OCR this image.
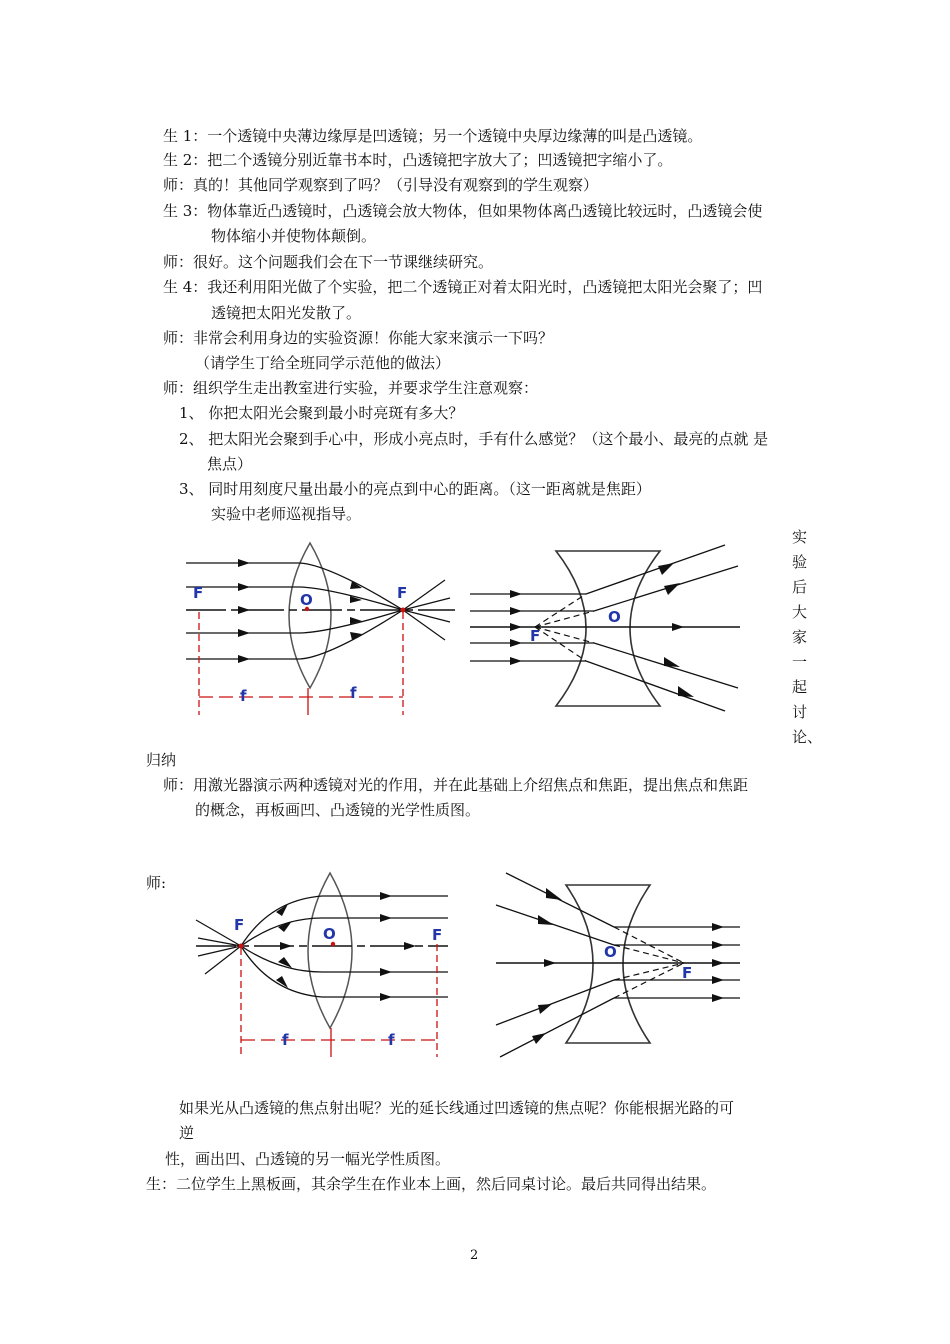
生 1：一个透镜中央薄边缘厚是凹透镜；另一个透镜中央厚边缘薄的叫是凸透镜。
生 2：把二个透镜分别近靠书本时，凸透镜把字放大了；凹透镜把字缩小了。
师：真的！其他同学观察到了吗？（引导没有观察到的学生观察）
生 3：物体靠近凸透镜时，凸透镜会放大物体，但如果物体离凸透镜比较远时，凸透镜会使
物体缩小并使物体颠倒。
师：很好。这个问题我们会在下一节课继续研究。
生 4：我还利用阳光做了个实验，把二个透镜正对着太阳光时，凸透镜把太阳光会聚了；凹
透镜把太阳光发散了。
师：非常会利用身边的实验资源！你能大家来演示一下吗？
（请学生丁给全班同学示范他的做法）
师：组织学生走出教室进行实验，并要求学生注意观察：
1、 你把太阳光会聚到最小时亮斑有多大？
2、 把太阳光会聚到手心中，形成小亮点时，手有什么感觉？（这个最小、最亮的点就 是
焦点）
3、 同时用刻度尺量出最小的亮点到中心的距离。（这一距离就是焦距）
实验中老师巡视指导。
实
验
后
大
家
一
起
讨
论、
F	F
O
f	f
F
O
归纳
师：用激光器演示两种透镜对光的作用，并在此基础上介绍焦点和焦距，提出焦点和焦距
的概念，再板画凹、凸透镜的光学性质图。
师:
F
F
O
f	f
O
F
如果光从凸透镜的焦点射出呢？光的延长线通过凹透镜的焦点呢？你能根据光路的可
逆
性，画出凹、凸透镜的另一幅光学性质图。
生：二位学生上黑板画，其余学生在作业本上画，然后同桌讨论。最后共同得出结果。
2
